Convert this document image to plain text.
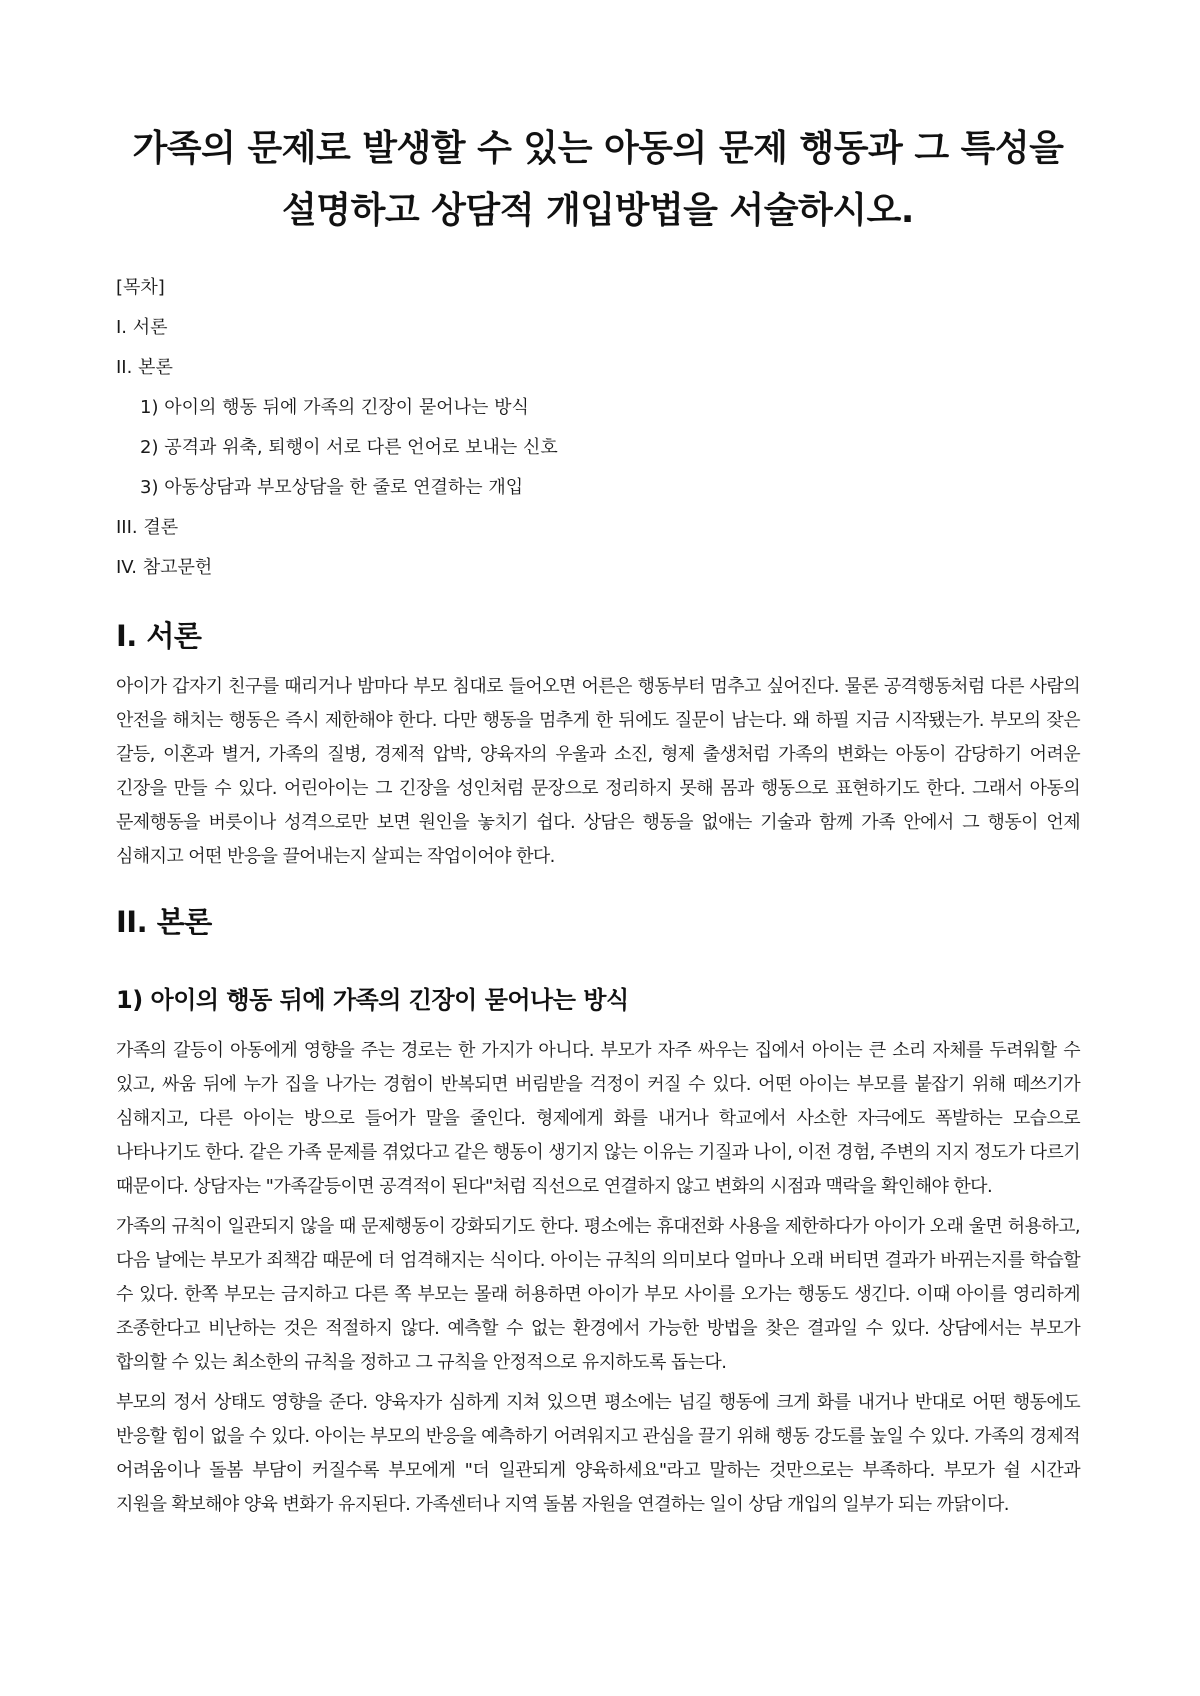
가족의 문제로 발생할 수 있는 아동의 문제 행동과 그 특성을 설명하고 상담적 개입방법을 서술하시오.
[목차]
I. 서론
II. 본론
1) 아이의 행동 뒤에 가족의 긴장이 묻어나는 방식
2) 공격과 위축, 퇴행이 서로 다른 언어로 보내는 신호
3) 아동상담과 부모상담을 한 줄로 연결하는 개입
III. 결론
IV. 참고문헌
I. 서론

아이가 갑자기 친구를 때리거나 밤마다 부모 침대로 들어오면 어른은 행동부터 멈추고 싶어진다. 물론 공격행동처럼 다른 사람의 안전을 해치는 행동은 즉시 제한해야 한다. 다만 행동을 멈추게 한 뒤에도 질문이 남는다. 왜 하필 지금 시작됐는가. 부모의 잦은 갈등, 이혼과 별거, 가족의 질병, 경제적 압박, 양육자의 우울과 소진, 형제 출생처럼 가족의 변화는 아동이 감당하기 어려운 긴장을 만들 수 있다. 어린아이는 그 긴장을 성인처럼 문장으로 정리하지 못해 몸과 행동으로 표현하기도 한다. 그래서 아동의 문제행동을 버릇이나 성격으로만 보면 원인을 놓치기 쉽다. 상담은 행동을 없애는 기술과 함께 가족 안에서 그 행동이 언제 심해지고 어떤 반응을 끌어내는지 살피는 작업이어야 한다.

II. 본론
1) 아이의 행동 뒤에 가족의 긴장이 묻어나는 방식

가족의 갈등이 아동에게 영향을 주는 경로는 한 가지가 아니다. 부모가 자주 싸우는 집에서 아이는 큰 소리 자체를 두려워할 수 있고, 싸움 뒤에 누가 집을 나가는 경험이 반복되면 버림받을 걱정이 커질 수 있다. 어떤 아이는 부모를 붙잡기 위해 떼쓰기가 심해지고, 다른 아이는 방으로 들어가 말을 줄인다. 형제에게 화를 내거나 학교에서 사소한 자극에도 폭발하는 모습으로 나타나기도 한다. 같은 가족 문제를 겪었다고 같은 행동이 생기지 않는 이유는 기질과 나이, 이전 경험, 주변의 지지 정도가 다르기 때문이다. 상담자는 "가족갈등이면 공격적이 된다"처럼 직선으로 연결하지 않고 변화의 시점과 맥락을 확인해야 한다.

가족의 규칙이 일관되지 않을 때 문제행동이 강화되기도 한다. 평소에는 휴대전화 사용을 제한하다가 아이가 오래 울면 허용하고, 다음 날에는 부모가 죄책감 때문에 더 엄격해지는 식이다. 아이는 규칙의 의미보다 얼마나 오래 버티면 결과가 바뀌는지를 학습할 수 있다. 한쪽 부모는 금지하고 다른 쪽 부모는 몰래 허용하면 아이가 부모 사이를 오가는 행동도 생긴다. 이때 아이를 영리하게 조종한다고 비난하는 것은 적절하지 않다. 예측할 수 없는 환경에서 가능한 방법을 찾은 결과일 수 있다. 상담에서는 부모가 합의할 수 있는 최소한의 규칙을 정하고 그 규칙을 안정적으로 유지하도록 돕는다.

부모의 정서 상태도 영향을 준다. 양육자가 심하게 지쳐 있으면 평소에는 넘길 행동에 크게 화를 내거나 반대로 어떤 행동에도 반응할 힘이 없을 수 있다. 아이는 부모의 반응을 예측하기 어려워지고 관심을 끌기 위해 행동 강도를 높일 수 있다. 가족의 경제적 어려움이나 돌봄 부담이 커질수록 부모에게 "더 일관되게 양육하세요"라고 말하는 것만으로는 부족하다. 부모가 쉴 시간과 지원을 확보해야 양육 변화가 유지된다. 가족센터나 지역 돌봄 자원을 연결하는 일이 상담 개입의 일부가 되는 까닭이다.
